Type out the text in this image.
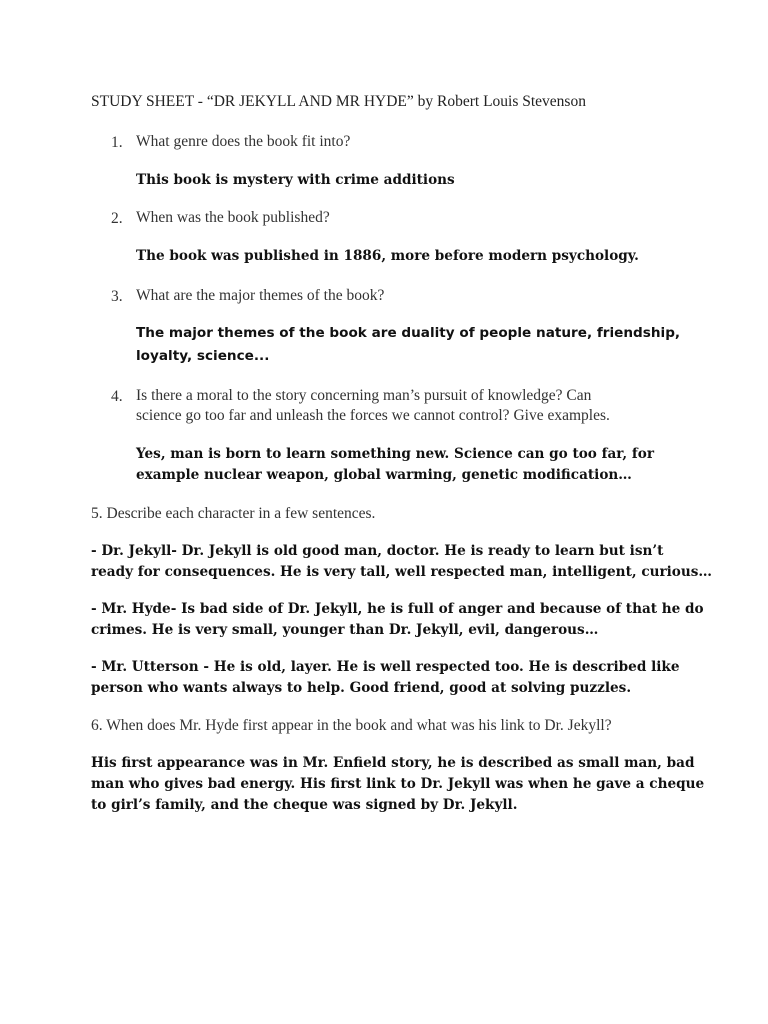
STUDY SHEET - “DR JEKYLL AND MR HYDE” by Robert Louis Stevenson
1. What genre does the book fit into?
This book is mystery with crime additions
2. When was the book published?
The book was published in 1886, more before modern psychology.
3. What are the major themes of the book?
The major themes of the book are duality of people nature, friendship,
loyalty, science...
4. Is there a moral to the story concerning man’s pursuit of knowledge? Can
science go too far and unleash the forces we cannot control? Give examples.
Yes, man is born to learn something new. Science can go too far, for
example nuclear weapon, global warming, genetic modification…
5. Describe each character in a few sentences.
- Dr. Jekyll- Dr. Jekyll is old good man, doctor. He is ready to learn but isn’t
ready for consequences. He is very tall, well respected man, intelligent, curious…
- Mr. Hyde- Is bad side of Dr. Jekyll, he is full of anger and because of that he do
crimes. He is very small, younger than Dr. Jekyll, evil, dangerous…
- Mr. Utterson - He is old, layer. He is well respected too. He is described like
person who wants always to help. Good friend, good at solving puzzles.
6. When does Mr. Hyde first appear in the book and what was his link to Dr. Jekyll?
His first appearance was in Mr. Enfield story, he is described as small man, bad
man who gives bad energy. His first link to Dr. Jekyll was when he gave a cheque
to girl’s family, and the cheque was signed by Dr. Jekyll.
